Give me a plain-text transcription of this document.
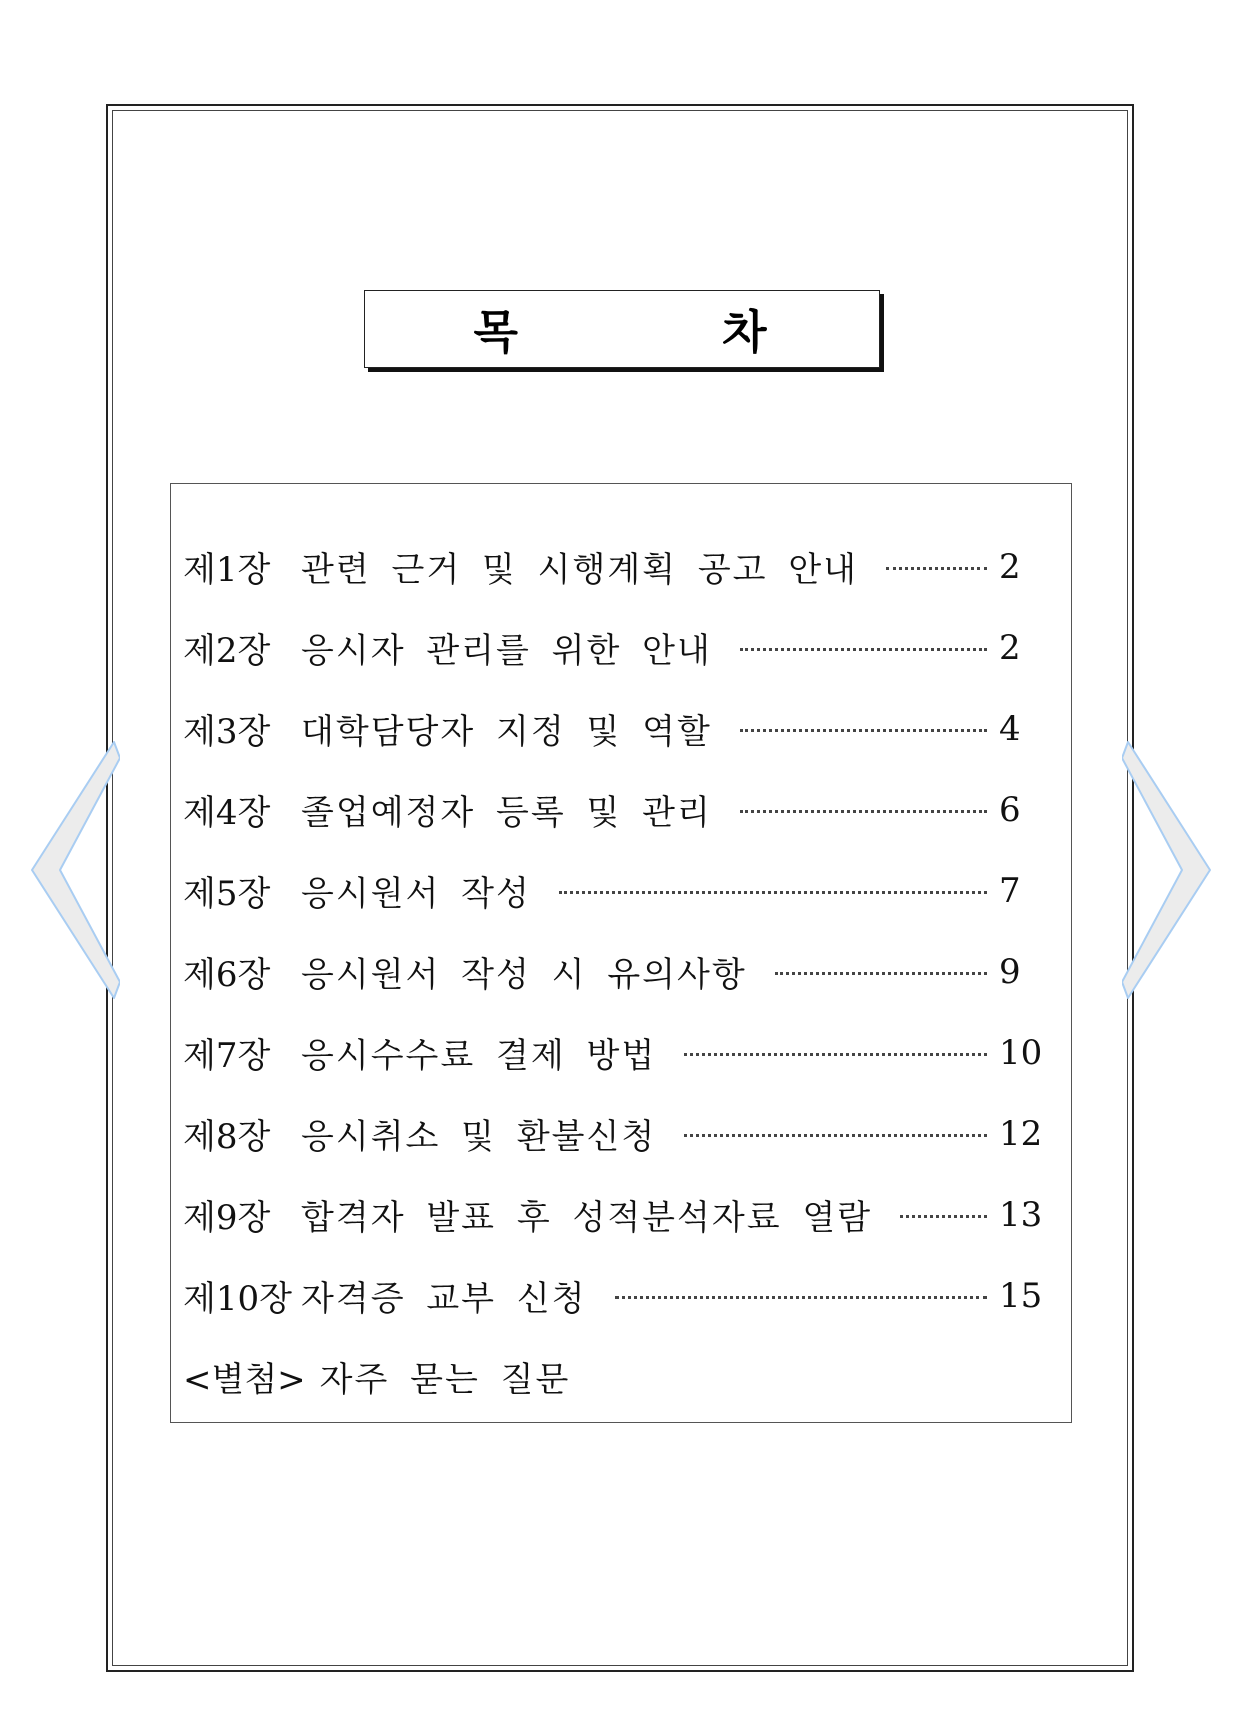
목          차
제1장 관련 근거 및 시행계획 공고 안내	2
제2장 응시자 관리를 위한 안내	2
제3장 대학담당자 지정 및 역할	4
제4장 졸업예정자 등록 및 관리	6
제5장 응시원서 작성	7
제6장 응시원서 작성 시 유의사항	9
제7장 응시수수료 결제 방법	10
제8장 응시취소 및 환불신청	12
제9장 합격자 발표 후 성적분석자료 열람	13
제10장 자격증 교부 신청	15
<별첨> 자주 묻는 질문
